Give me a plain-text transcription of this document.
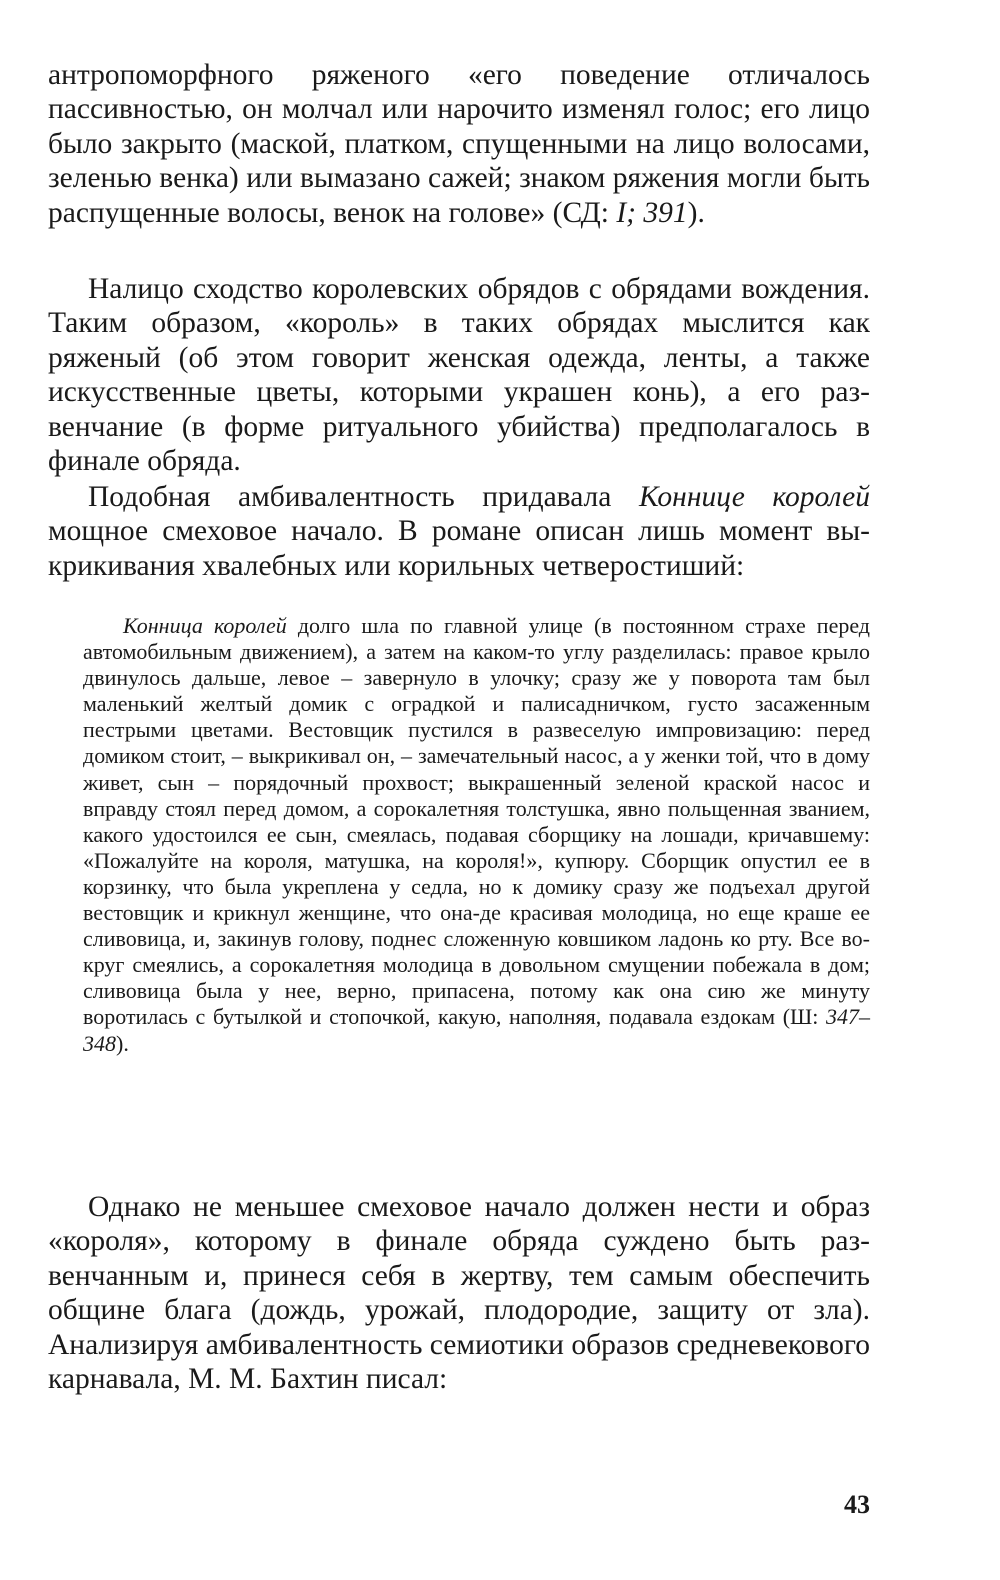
антропоморфного ряженого «его поведение отличалось пассивностью, он молчал или нарочито изменял голос; его лицо было закрыто (маской, платком, спущенными на лицо волосами, зеленью венка) или вымазано сажей; знаком ряжения могли быть распущенные волосы, венок на голове» (СД: I; 391).

Налицо сходство королевских обрядов с обрядами вождения. Таким образом, «король» в таких обрядах мыслится как ряженый (об этом говорит женская одежда, ленты, а также искусственные цветы, которыми украшен конь), а его развенчание (в форме ритуального убийства) предполагалось в финале обряда.

Подобная амбивалентность придавала Коннице королей мощное смеховое начало. В романе описан лишь момент выкрикивания хвалебных или корильных четверостиший:

Конница королей долго шла по главной улице (в постоянном страхе перед автомобильным движением), а затем на каком-то углу разделилась: правое крыло двинулось дальше, левое – завернуло в улочку; сразу же у поворота там был маленький желтый домик с оградкой и палисадничком, густо засаженным пестрыми цветами. Вестовщик пустился в развеселую импровизацию: перед домиком стоит, – выкрикивал он, – замечательный насос, а у женки той, что в дому живет, сын – порядочный прохвост; выкрашенный зеленой краской насос и вправду стоял перед домом, а сорокалетняя толстушка, явно польщенная званием, какого удостоился ее сын, смеялась, подавая сборщику на лошади, кричавшему: «Пожалуйте на короля, матушка, на короля!», купюру. Сборщик опустил ее в корзинку, что была укреплена у седла, но к домику сразу же подъехал другой вестовщик и крикнул женщине, что она-де красивая молодица, но еще краше ее сливовица, и, закинув голову, поднес сложенную ковшиком ладонь ко рту. Все вокруг смеялись, а сорокалетняя молодица в довольном смущении побежала в дом; сливовица была у нее, верно, припасена, потому как она сию же минуту воротилась с бутылкой и стопочкой, какую, наполняя, подавала ездокам (Ш: 347–348).

Однако не меньшее смеховое начало должен нести и образ «короля», которому в финале обряда суждено быть развенчанным и, принеся себя в жертву, тем самым обеспечить общине блага (дождь, урожай, плодородие, защиту от зла). Анализируя амбивалентность семиотики образов средневекового карнавала, М. М. Бахтин писал:

43
